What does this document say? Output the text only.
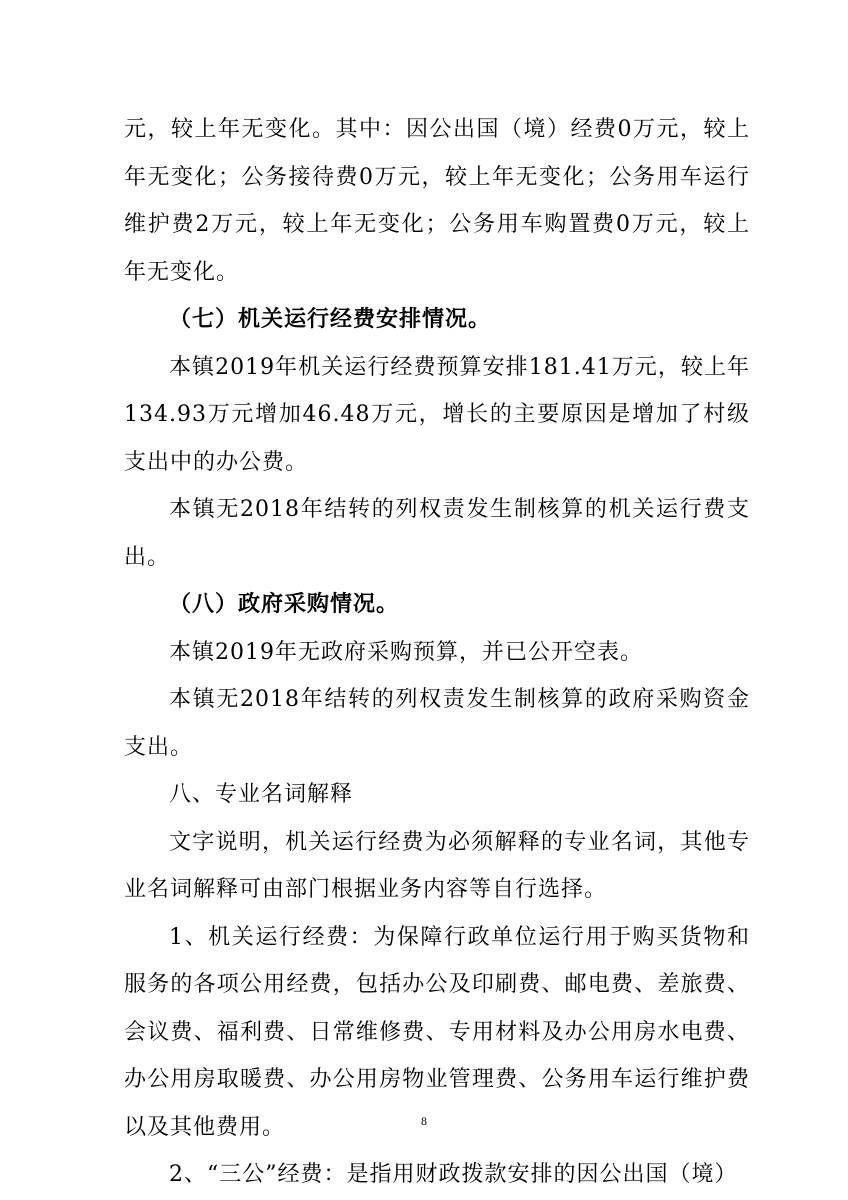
元，较上年无变化。其中：因公出国（境）经费0万元，较上年无变化；公务接待费0万元，较上年无变化；公务用车运行维护费2万元，较上年无变化；公务用车购置费0万元，较上年无变化。

（七）机关运行经费安排情况。

本镇2019年机关运行经费预算安排181.41万元，较上年134.93万元增加46.48万元，增长的主要原因是增加了村级支出中的办公费。

本镇无2018年结转的列权责发生制核算的机关运行费支出。

（八）政府采购情况。

本镇2019年无政府采购预算，并已公开空表。

本镇无2018年结转的列权责发生制核算的政府采购资金支出。

八、专业名词解释

文字说明，机关运行经费为必须解释的专业名词，其他专业名词解释可由部门根据业务内容等自行选择。

1、机关运行经费：为保障行政单位运行用于购买货物和服务的各项公用经费，包括办公及印刷费、邮电费、差旅费、会议费、福利费、日常维修费、专用材料及办公用房水电费、办公用房取暖费、办公用房物业管理费、公务用车运行维护费以及其他费用。

2、“三公”经费：是指用财政拨款安排的因公出国（境）

8
